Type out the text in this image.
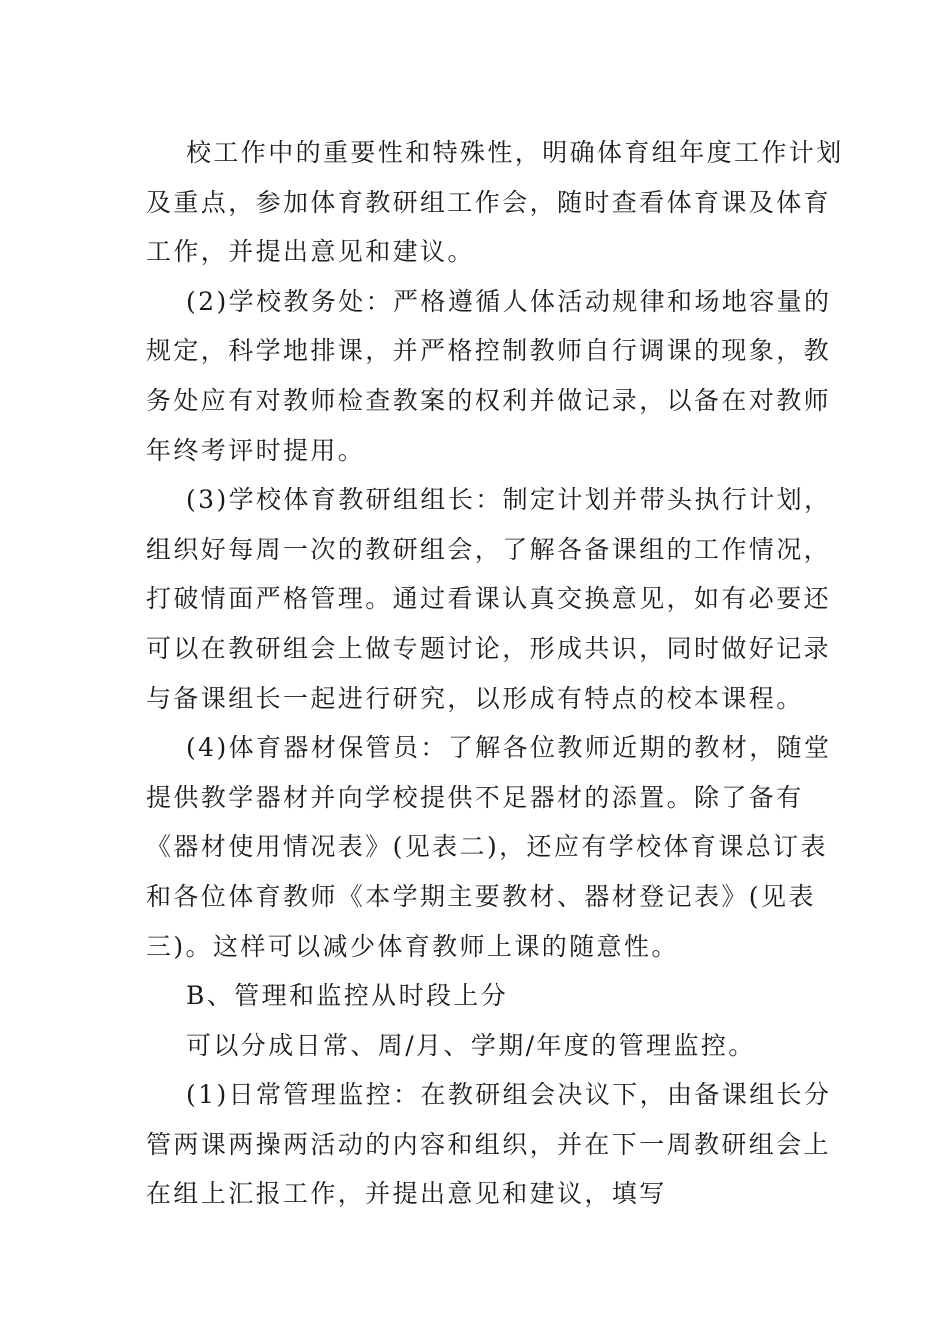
校工作中的重要性和特殊性，明确体育组年度工作计划
及重点，参加体育教研组工作会，随时查看体育课及体育
工作，并提出意见和建议。
(2)学校教务处：严格遵循人体活动规律和场地容量的
规定，科学地排课，并严格控制教师自行调课的现象，教
务处应有对教师检查教案的权利并做记录，以备在对教师
年终考评时提用。
(3)学校体育教研组组长：制定计划并带头执行计划，
组织好每周一次的教研组会，了解各备课组的工作情况，
打破情面严格管理。通过看课认真交换意见，如有必要还
可以在教研组会上做专题讨论，形成共识，同时做好记录
与备课组长一起进行研究，以形成有特点的校本课程。
(4)体育器材保管员：了解各位教师近期的教材，随堂
提供教学器材并向学校提供不足器材的添置。除了备有
《器材使用情况表》(见表二)，还应有学校体育课总订表
和各位体育教师《本学期主要教材、器材登记表》(见表
三)。这样可以减少体育教师上课的随意性。
B、管理和监控从时段上分
可以分成日常、周/月、学期/年度的管理监控。
(1)日常管理监控：在教研组会决议下，由备课组长分
管两课两操两活动的内容和组织，并在下一周教研组会上
在组上汇报工作，并提出意见和建议，填写
